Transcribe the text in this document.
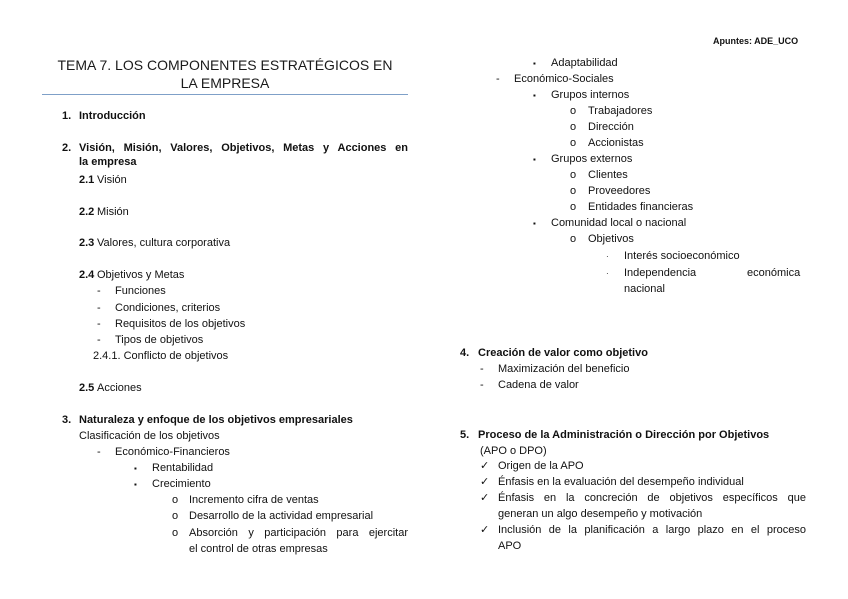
Apuntes: ADE_UCO
TEMA 7. LOS COMPONENTES ESTRATÉGICOS EN
LA EMPRESA
1. Introducción
2. Visión, Misión, Valores, Objetivos, Metas y Acciones en
la empresa
2.1 Visión
2.2 Misión
2.3 Valores, cultura corporativa
2.4 Objetivos y Metas
- Funciones
- Condiciones, criterios
- Requisitos de los objetivos
- Tipos de objetivos
2.4.1. Conflicto de objetivos
2.5 Acciones
3. Naturaleza y enfoque de los objetivos empresariales
Clasificación de los objetivos
- Económico-Financieros
▪ Rentabilidad
▪ Crecimiento
o Incremento cifra de ventas
o Desarrollo de la actividad empresarial
o Absorción y participación para ejercitar
el control de otras empresas
▪ Adaptabilidad
- Económico-Sociales
▪ Grupos internos
o Trabajadores
o Dirección
o Accionistas
▪ Grupos externos
o Clientes
o Proveedores
o Entidades financieras
▪ Comunidad local o nacional
o Objetivos
· Interés socioeconómico
· Independencia	económica
nacional
4. Creación de valor como objetivo
- Maximización del beneficio
- Cadena de valor
5. Proceso de la Administración o Dirección por Objetivos
(APO o DPO)
✓ Origen de la APO
✓ Énfasis en la evaluación del desempeño individual
✓ Énfasis en la concreción de objetivos específicos que
generan un algo desempeño y motivación
✓ Inclusión de la planificación a largo plazo en el proceso
APO
